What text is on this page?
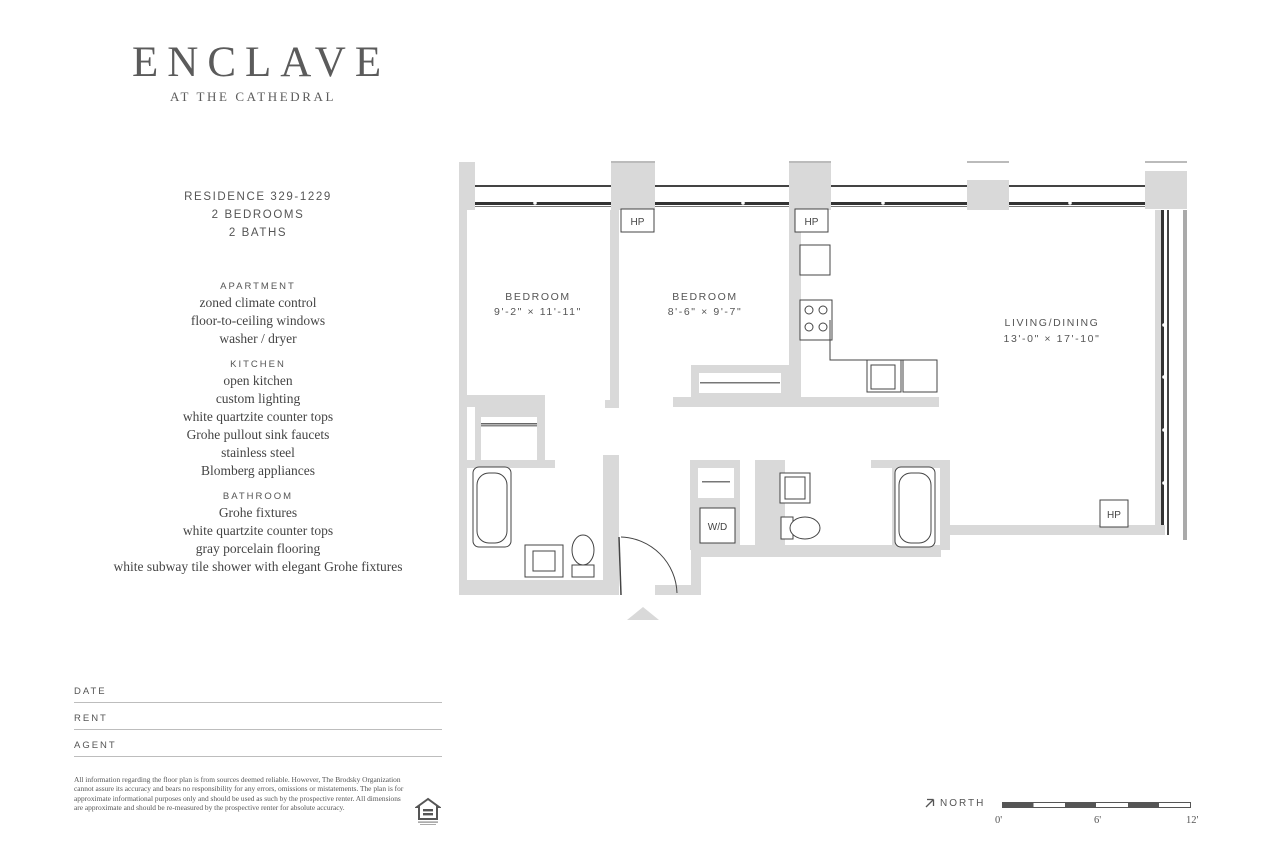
ENCLAVE
AT THE CATHEDRAL
RESIDENCE 329-1229
2 BEDROOMS
2 BATHS
APARTMENT
zoned climate control
floor-to-ceiling windows
washer / dryer
KITCHEN
open kitchen
custom lighting
white quartzite counter tops
Grohe pullout sink faucets
stainless steel
Blomberg appliances
BATHROOM
Grohe fixtures
white quartzite counter tops
gray porcelain flooring
white subway tile shower with elegant Grohe fixtures
DATE
RENT
AGENT
All information regarding the floor plan is from sources deemed reliable. However, The Brodsky Organization cannot assure its accuracy and bears no responsibility for any errors, omissions or mistatements. The plan is for approximate informational purposes only and should be used as such by the prospective renter. All dimensions are approximate and should be re-measured by the prospective renter for absolute accuracy.	NORTH
0'	6'	12'
HP	HP
HP
W/D
BEDROOM
9'-2" × 11'-11"
BEDROOM
8'-6" × 9'-7"
LIVING/DINING
13'-0" × 17'-10"
